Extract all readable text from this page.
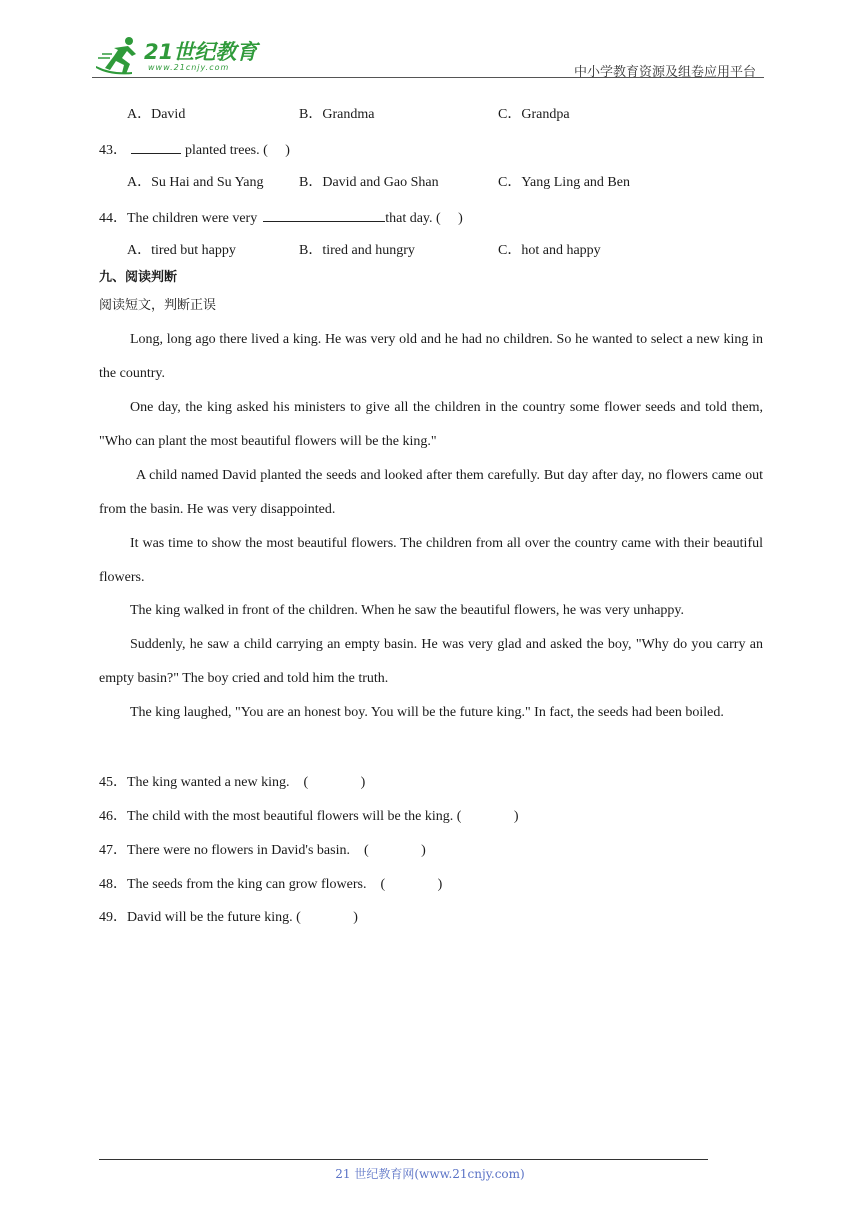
21世纪教育
www.21cnjy.com	中小学教育资源及组卷应用平台
A．David	B．Grandma	C．Grandpa
43．	planted trees. (     )
A．Su Hai and Su Yang	B．David and Gao Shan	C．Yang Ling and Ben
44．The children were very	that day. (     )
A．tired but happy	B．tired and hungry	C．hot and happy
九、阅读判断
阅读短文，判断正误

Long, long ago there lived a king. He was very old and he had no children. So he wanted to select a new king in the country.

One day, the king asked his ministers to give all the children in the country some flower seeds and told them, "Who can plant the most beautiful flowers will be the king."

A child named David planted the seeds and looked after them carefully. But day after day, no flowers came out from the basin. He was very disappointed.

It was time to show the most beautiful flowers. The children from all over the country came with their beautiful flowers.

The king walked in front of the children. When he saw the beautiful flowers, he was very unhappy.

Suddenly, he saw a child carrying an empty basin. He was very glad and asked the boy, "Why do you carry an empty basin?" The boy cried and told him the truth.

The king laughed, "You are an honest boy. You will be the future king." In fact, the seeds had been boiled.

45．The king wanted a new king.    (               )
46．The child with the most beautiful flowers will be the king. (               )
47．There were no flowers in David's basin.    (               )
48．The seeds from the king can grow flowers.    (               )
49．David will be the future king. (               )
21 世纪教育网(www.21cnjy.com)
